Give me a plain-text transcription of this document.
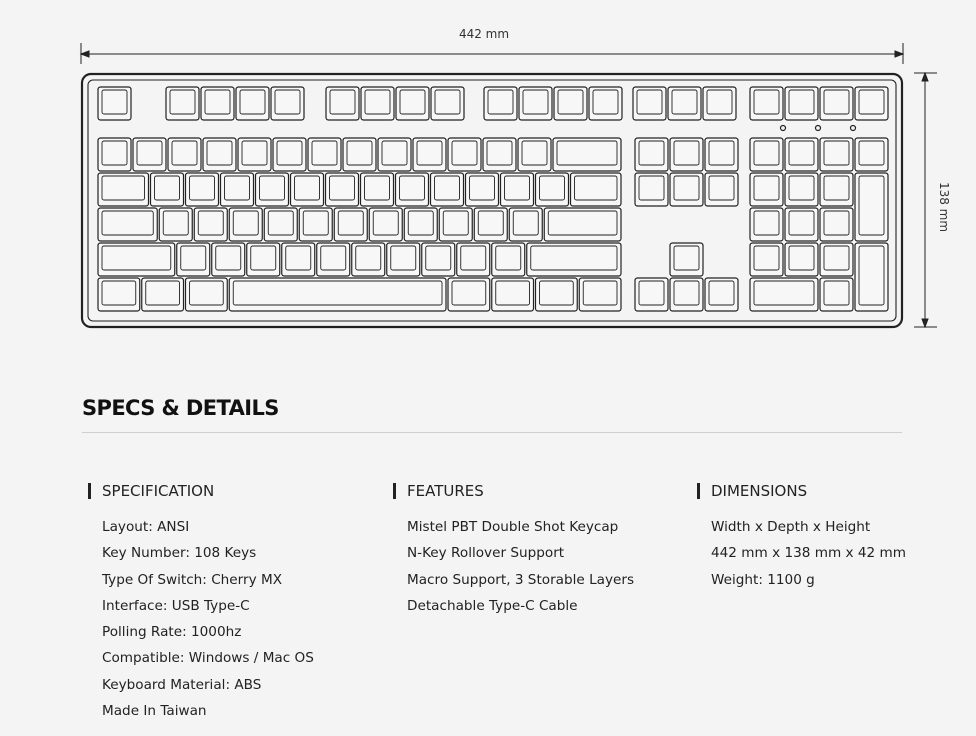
442 mm
138 mm
SPECS & DETAILS
SPECIFICATION
Layout: ANSI
Key Number: 108 Keys
Type Of Switch: Cherry MX
Interface: USB Type-C
Polling Rate: 1000hz
Compatible: Windows / Mac OS
Keyboard Material: ABS
Made In Taiwan
FEATURES
Mistel PBT Double Shot Keycap
N-Key Rollover Support
Macro Support, 3 Storable Layers
Detachable Type-C Cable
DIMENSIONS
Width x Depth x Height
442 mm x 138 mm x 42 mm
Weight: 1100 g
